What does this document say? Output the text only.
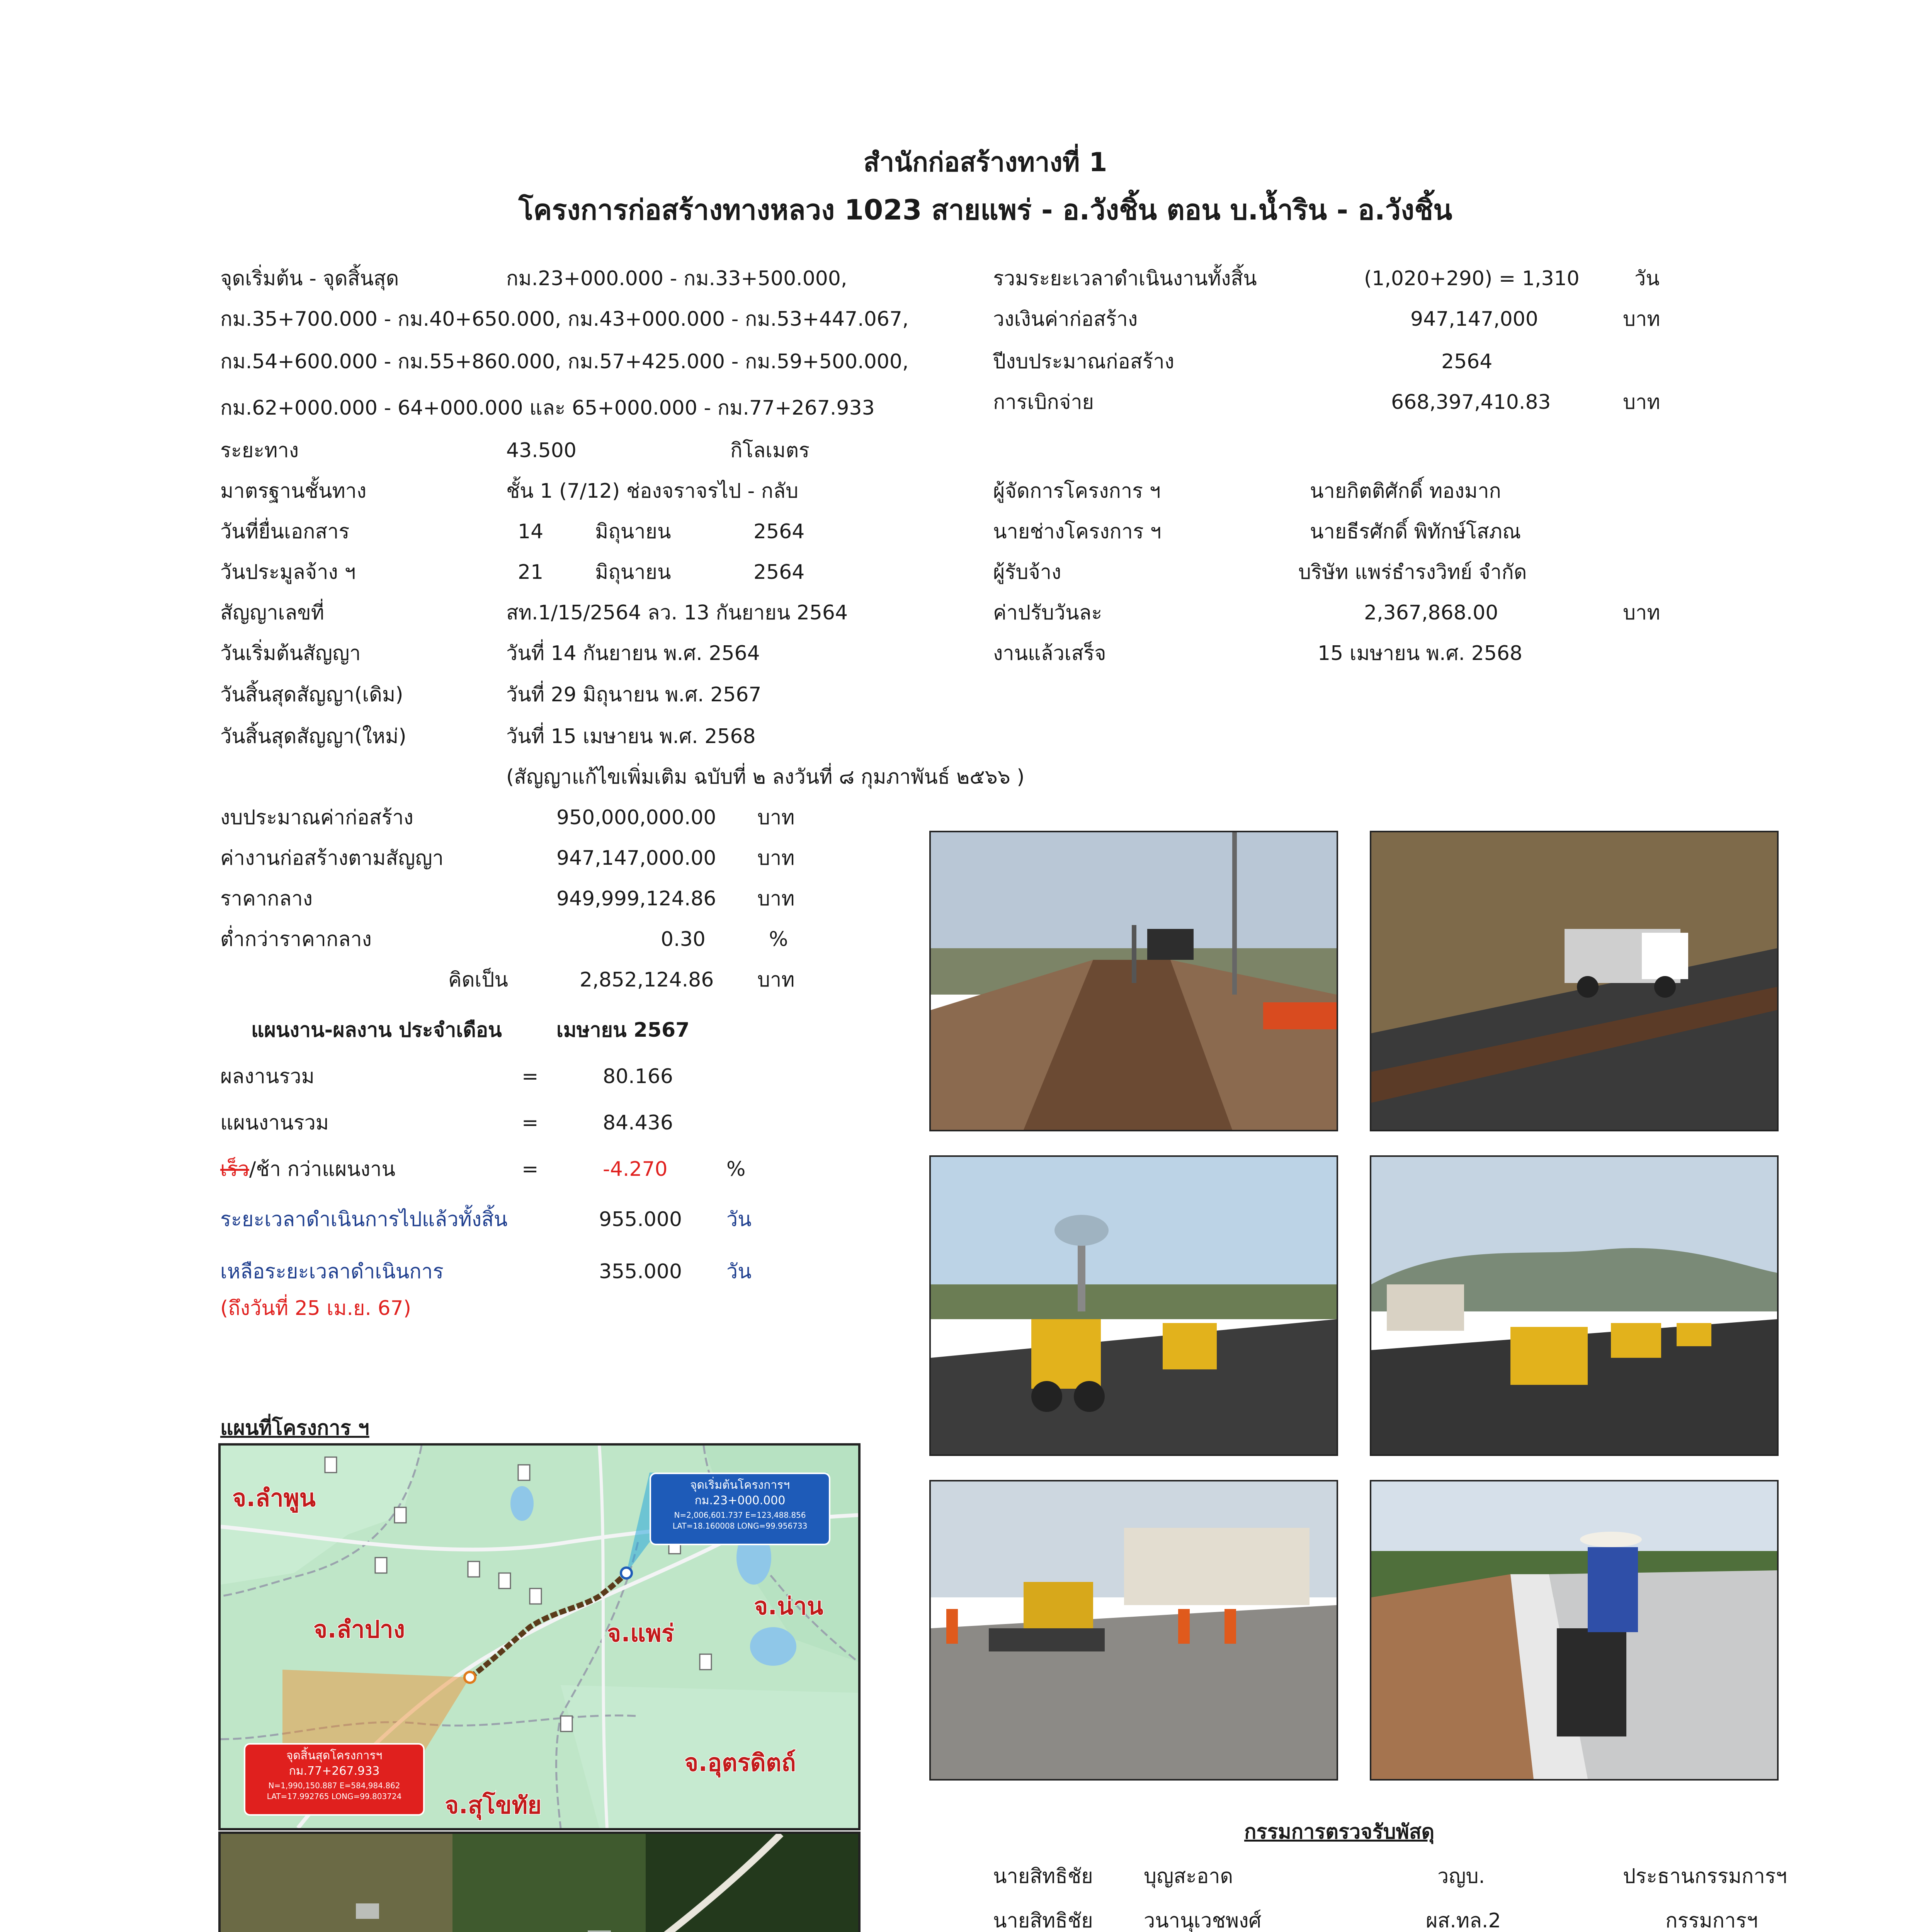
สำนักก่อสร้างทางที่ 1
โครงการก่อสร้างทางหลวง 1023 สายแพร่ - อ.วังชิ้น ตอน บ.น้ำริน - อ.วังชิ้น
จุดเริ่มต้น - จุดสิ้นสุด	กม.23+000.000 - กม.33+500.000,
กม.35+700.000 - กม.40+650.000, กม.43+000.000 - กม.53+447.067,
กม.54+600.000 - กม.55+860.000, กม.57+425.000 - กม.59+500.000,
กม.62+000.000 - 64+000.000 และ 65+000.000 - กม.77+267.933
ระยะทาง	43.500	กิโลเมตร
มาตรฐานชั้นทาง	ชั้น 1 (7/12) ช่องจราจรไป - กลับ
วันที่ยื่นเอกสาร	14	มิถุนายน	2564
วันประมูลจ้าง ฯ	21	มิถุนายน	2564
สัญญาเลขที่	สท.1/15/2564 ลว. 13 กันยายน 2564
วันเริ่มต้นสัญญา	วันที่ 14 กันยายน พ.ศ. 2564
วันสิ้นสุดสัญญา(เดิม)	วันที่ 29 มิถุนายน พ.ศ. 2567
วันสิ้นสุดสัญญา(ใหม่)	วันที่ 15 เมษายน พ.ศ. 2568
(สัญญาแก้ไขเพิ่มเติม ฉบับที่ ๒ ลงวันที่ ๘ กุมภาพันธ์ ๒๕๖๖ )
รวมระยะเวลาดำเนินงานทั้งสิ้น	(1,020+290) = 1,310	วัน
วงเงินค่าก่อสร้าง	947,147,000	บาท
ปีงบประมาณก่อสร้าง	2564
การเบิกจ่าย	668,397,410.83	บาท
ผู้จัดการโครงการ ฯ	นายกิตติศักดิ์ ทองมาก
นายช่างโครงการ ฯ	นายธีรศักดิ์ พิทักษ์โสภณ
ผู้รับจ้าง	บริษัท แพร่ธำรงวิทย์ จำกัด
ค่าปรับวันละ	2,367,868.00	บาท
งานแล้วเสร็จ	15 เมษายน พ.ศ. 2568
งบประมาณค่าก่อสร้าง	950,000,000.00 บาท
ค่างานก่อสร้างตามสัญญา	947,147,000.00 บาท
ราคากลาง	949,999,124.86 บาท
ต่ำกว่าราคากลาง	0.30	%
คิดเป็น	2,852,124.86 บาท
แผนงาน-ผลงาน ประจำเดือน	เมษายน 2567
ผลงานรวม	=	80.166
แผนงานรวม	=	84.436
เร็ว/ช้า กว่าแผนงาน	=	-4.270	%
ระยะเวลาดำเนินการไปแล้วทั้งสิ้น	955.000 วัน
เหลือระยะเวลาดำเนินการ	355.000 วัน
(ถึงวันที่ 25 เม.ย. 67)
แผนที่โครงการ ฯ
จ.ลำพูน
จ.ลำปาง	จ.แพร่
จ.น่าน
จ.สุโขทัย
จ.อุตรดิตถ์
จุดเริ่มต้นโครงการฯ
กม.23+000.000
N=2,006,601.737 E=123,488.856
LAT=18.160008 LONG=99.956733
จุดสิ้นสุดโครงการฯ
กม.77+267.933
N=1,990,150.887 E=584,984.862
LAT=17.992765 LONG=99.803724
กรรมการตรวจรับพัสดุ
นายสิทธิชัย	บุญสะอาด	วญบ.	ประธานกรรมการฯ
นายสิทธิชัย	วนานุเวชพงศ์	ผส.ทล.2	กรรมการฯ
